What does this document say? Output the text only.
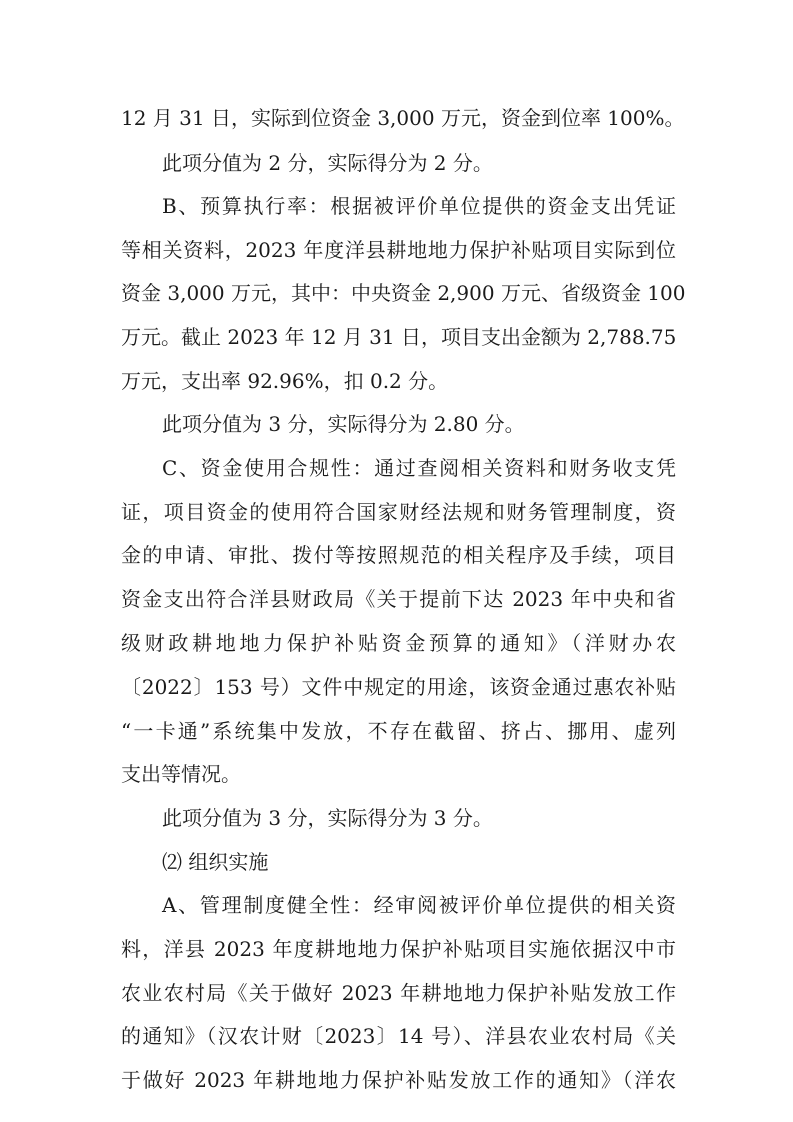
12 月 31 日，实际到位资金 3,000 万元，资金到位率 100%。
此项分值为 2 分，实际得分为 2 分。
B、预算执行率：根据被评价单位提供的资金支出凭证
等相关资料，2023 年度洋县耕地地力保护补贴项目实际到位
资金 3,000 万元，其中：中央资金 2,900 万元、省级资金 100
万元。截止 2023 年 12 月 31 日，项目支出金额为 2,788.75
万元，支出率 92.96%，扣 0.2 分。
此项分值为 3 分，实际得分为 2.80 分。
C、资金使用合规性：通过查阅相关资料和财务收支凭
证，项目资金的使用符合国家财经法规和财务管理制度，资
金的申请、审批、拨付等按照规范的相关程序及手续，项目
资金支出符合洋县财政局《关于提前下达 2023 年中央和省
级财政耕地地力保护补贴资金预算的通知》（洋财办农
〔2022〕153 号）文件中规定的用途，该资金通过惠农补贴
“一卡通”系统集中发放，不存在截留、挤占、挪用、虚列
支出等情况。
此项分值为 3 分，实际得分为 3 分。
⑵ 组织实施
A、管理制度健全性：经审阅被评价单位提供的相关资
料，洋县 2023 年度耕地地力保护补贴项目实施依据汉中市
农业农村局《关于做好 2023 年耕地地力保护补贴发放工作
的通知》（汉农计财〔2023〕14 号）、洋县农业农村局《关
于做好 2023 年耕地地力保护补贴发放工作的通知》（洋农
